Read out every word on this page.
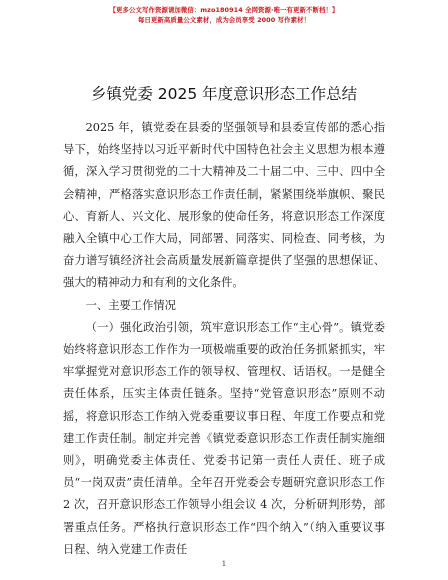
【更多公文写作资源请加微信：mzo180914 全网资源·唯一有更新不断档！】
每日更新高质量公文素材，成为会员享受 2000 写作素材！
乡镇党委 2025 年度意识形态工作总结

2025 年，镇党委在县委的坚强领导和县委宣传部的悉心指导下，始终坚持以习近平新时代中国特色社会主义思想为根本遵循，深入学习贯彻党的二十大精神及二十届二中、三中、四中全会精神，严格落实意识形态工作责任制，紧紧围绕举旗帜、聚民心、育新人、兴文化、展形象的使命任务，将意识形态工作深度融入全镇中心工作大局，同部署、同落实、同检查、同考核，为奋力谱写镇经济社会高质量发展新篇章提供了坚强的思想保证、强大的精神动力和有利的文化条件。

一、主要工作情况

（一）强化政治引领，筑牢意识形态工作“主心骨”。镇党委始终将意识形态工作作为一项极端重要的政治任务抓紧抓实，牢牢掌握党对意识形态工作的领导权、管理权、话语权。一是健全责任体系，压实主体责任链条。坚持“党管意识形态”原则不动摇，将意识形态工作纳入党委重要议事日程、年度工作要点和党建工作责任制。制定并完善《镇党委意识形态工作责任制实施细则》，明确党委主体责任、党委书记第一责任人责任、班子成员“一岗双责”责任清单。全年召开党委会专题研究意识形态工作 2 次，召开意识形态工作领导小组会议 4 次，分析研判形势，部署重点任务。严格执行意识形态工作“四个纳入”（纳入重要议事日程、纳入党建工作责任

1
